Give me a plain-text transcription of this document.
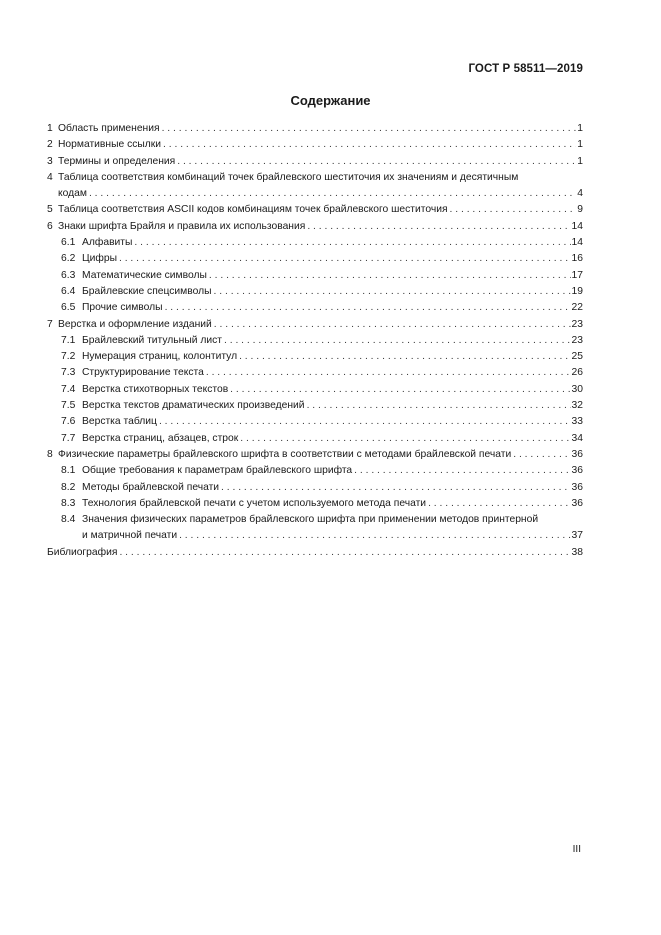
ГОСТ Р 58511—2019
Содержание
1 Область применения . . .	1
2 Нормативные ссылки . . .	1
3 Термины и определения . . .	1
4 Таблица соответствия комбинаций точек брайлевского шеститочия их значениям и десятичным
кодам . . .	4
5 Таблица соответствия ASCII кодов комбинациям точек брайлевского шеститочия . . .	9
6 Знаки шрифта Брайля и правила их использования . . .	14
6.1 Алфавиты . . .	14
6.2 Цифры . . .	16
6.3 Математические символы . . .	17
6.4 Брайлевские спецсимволы . . .	19
6.5 Прочие символы . . .	22
7 Верстка и оформление изданий . . .	23
7.1 Брайлевский титульный лист . . .	23
7.2 Нумерация страниц, колонтитул . . .	25
7.3 Структурирование текста . . .	26
7.4 Верстка стихотворных текстов . . .	30
7.5 Верстка текстов драматических произведений . . .	32
7.6 Верстка таблиц . . .	33
7.7 Верстка страниц, абзацев, строк . . .	34
8 Физические параметры брайлевского шрифта в соответствии с методами брайлевской печати . . .	36
8.1 Общие требования к параметрам брайлевского шрифта . . .	36
8.2 Методы брайлевской печати . . .	36
8.3 Технология брайлевской печати с учетом используемого метода печати . . .	36
8.4 Значения физических параметров брайлевского шрифта при применении методов принтерной
и матричной печати . . .	37
Библиография . . .	38
III
